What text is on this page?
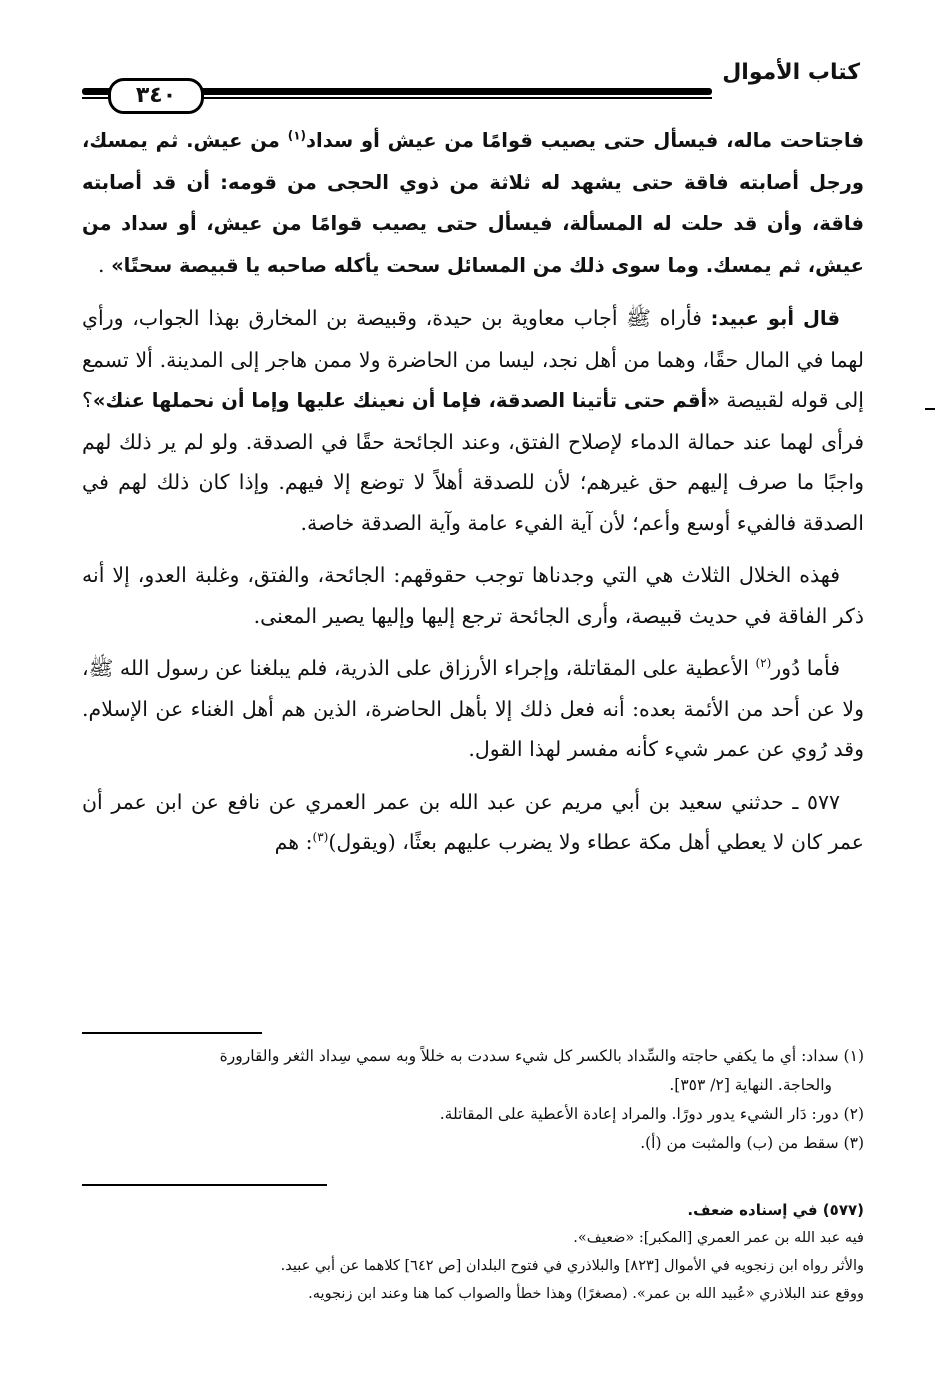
كتاب الأموال
٣٤٠

فاجتاحت ماله، فيسأل حتى يصيب قوامًا من عيش أو سداد$^{(١)}$ من عيش. ثم يمسك، ورجل أصابته فاقة حتى يشهد له ثلاثة من ذوي الحجى من قومه: أن قد أصابته فاقة، وأن قد حلت له المسألة، فيسأل حتى يصيب قوامًا من عيش، أو سداد من عيش، ثم يمسك. وما سوى ذلك من المسائل سحت يأكله صاحبه يا قبيصة سحتًا» .

قال أبو عبيد: فأراه ﷺ أجاب معاوية بن حيدة، وقبيصة بن المخارق بهذا الجواب، ورأي لهما في المال حقًا، وهما من أهل نجد، ليسا من الحاضرة ولا ممن هاجر إلى المدينة. ألا تسمع إلى قوله لقبيصة «أقم حتى تأتينا الصدقة، فإما أن نعينك عليها وإما أن نحملها عنك»؟ فرأى لهما عند حمالة الدماء لإصلاح الفتق، وعند الجائحة حقًا في الصدقة. ولو لم ير ذلك لهم واجبًا ما صرف إليهم حق غيرهم؛ لأن للصدقة أهلاً لا توضع إلا فيهم. وإذا كان ذلك لهم في الصدقة فالفيء أوسع وأعم؛ لأن آية الفيء عامة وآية الصدقة خاصة.

فهذه الخلال الثلاث هي التي وجدناها توجب حقوقهم: الجائحة، والفتق، وغلبة العدو، إلا أنه ذكر الفاقة في حديث قبيصة، وأرى الجائحة ترجع إليها وإليها يصير المعنى.

فأما دُور$^{(٢)}$ الأعطية على المقاتلة، وإجراء الأرزاق على الذرية، فلم يبلغنا عن رسول الله ﷺ، ولا عن أحد من الأئمة بعده: أنه فعل ذلك إلا بأهل الحاضرة، الذين هم أهل الغناء عن الإسلام. وقد رُوي عن عمر شيء كأنه مفسر لهذا القول.

٥٧٧ ـ حدثني سعيد بن أبي مريم عن عبد الله بن عمر العمري عن نافع عن ابن عمر أن عمر كان لا يعطي أهل مكة عطاء ولا يضرب عليهم بعثًا، (ويقول)$^{(٣)}$: هم

(١) سداد: أي ما يكفي حاجته والسِّداد بالكسر كل شيء سددت به خللاً وبه سمي سِداد الثغر والقارورة

والحاجة. النهاية [٢/ ٣٥٣].

(٢) دور: دَار الشيء يدور دورًا. والمراد إعادة الأعطية على المقاتلة.

(٣) سقط من (ب) والمثبت من (أ).

(٥٧٧) في إسناده ضعف.

فيه عبد الله بن عمر العمري [المكبر]: «ضعيف».

والأثر رواه ابن زنجويه في الأموال [٨٢٣] والبلاذري في فتوح البلدان [ص ٦٤٢] كلاهما عن أبي عبيد.

ووقع عند البلاذري «عُبيد الله بن عمر». (مصغرًا) وهذا خطأ والصواب كما هنا وعند ابن زنجويه.
